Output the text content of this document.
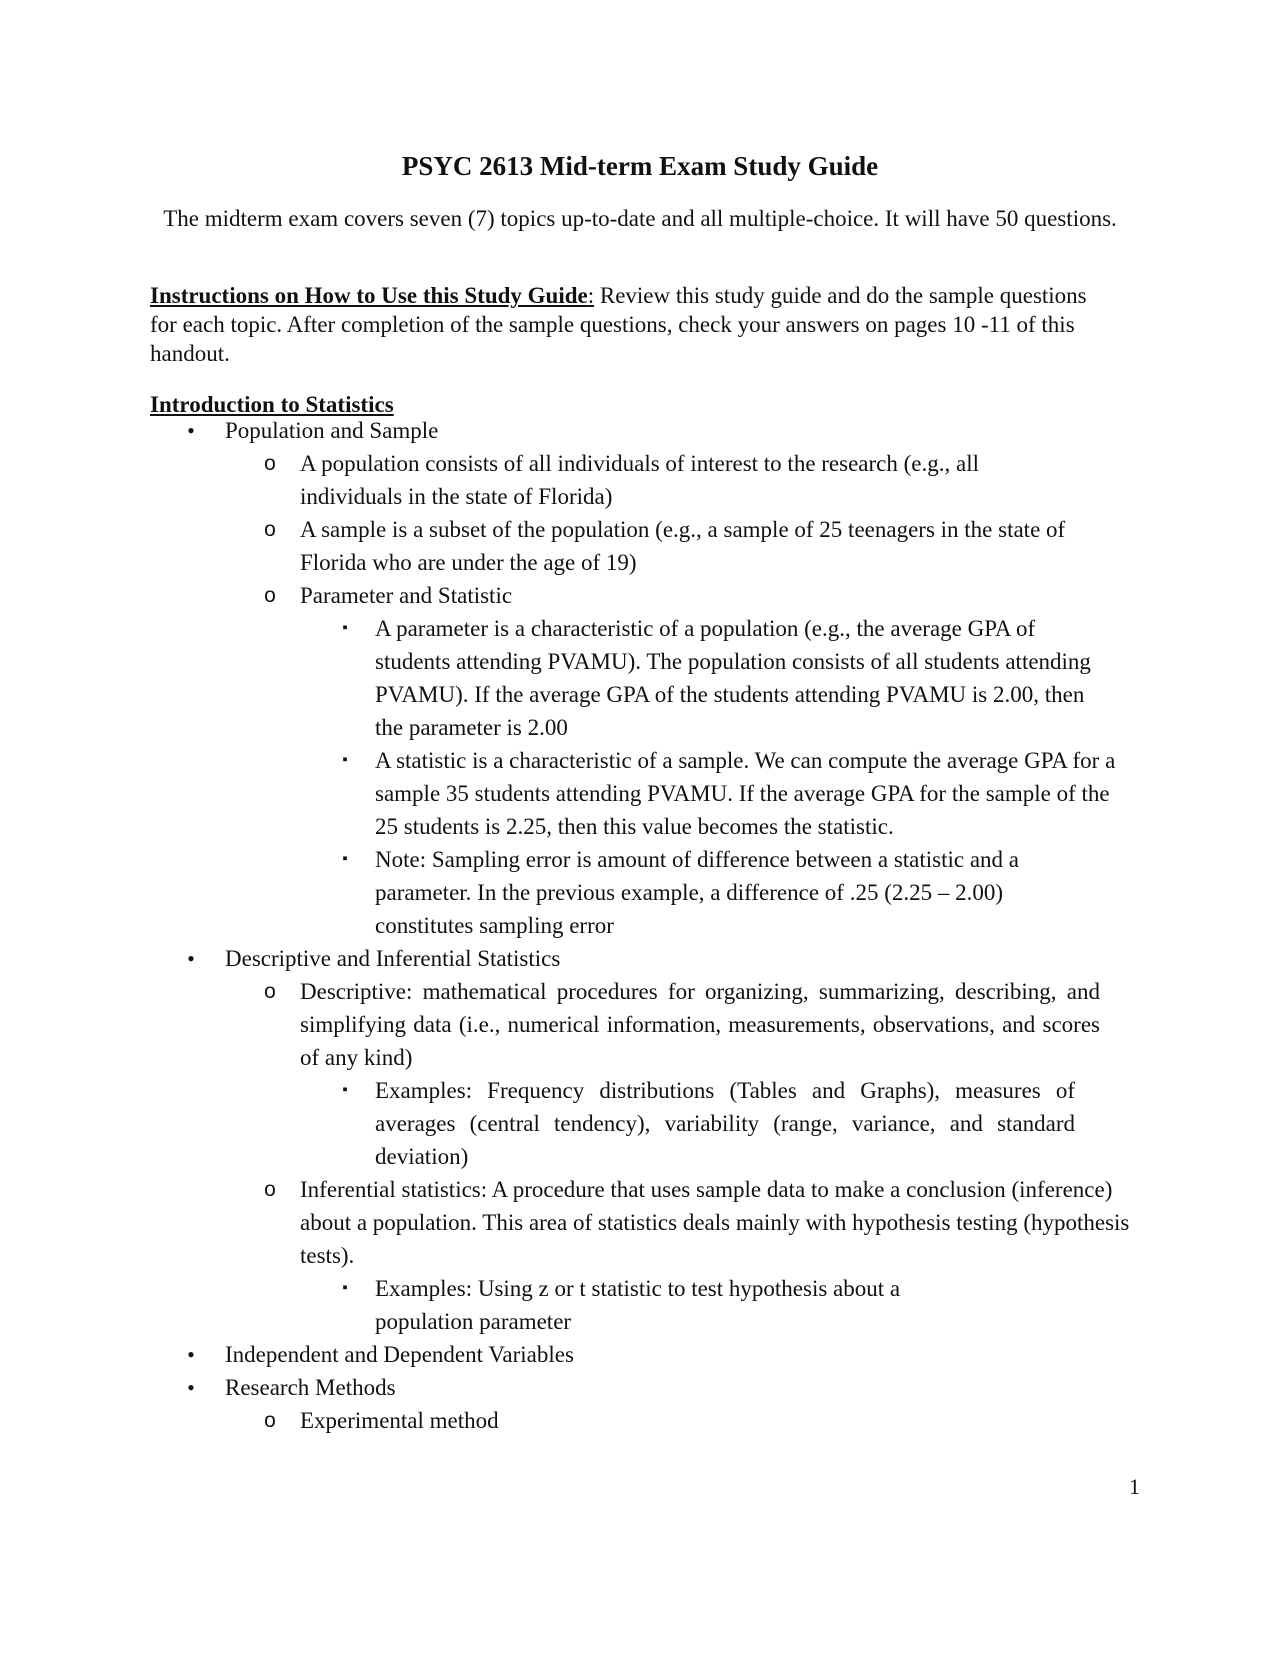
PSYC 2613 Mid-term Exam Study Guide
The midterm exam covers seven (7) topics up-to-date and all multiple-choice. It will have 50 questions.
Instructions on How to Use this Study Guide: Review this study guide and do the sample questions for each topic. After completion of the sample questions, check your answers on pages 10 -11 of this handout.
Introduction to Statistics
• Population and Sample
o A population consists of all individuals of interest to the research (e.g., all individuals in the state of Florida)
o A sample is a subset of the population (e.g., a sample of 25 teenagers in the state of Florida who are under the age of 19)
o Parameter and Statistic
▪	A parameter is a characteristic of a population (e.g., the average GPA of students attending PVAMU). The population consists of all students attending PVAMU). If the average GPA of the students attending PVAMU is 2.00, then the parameter is 2.00
▪	A statistic is a characteristic of a sample. We can compute the average GPA for a sample 35 students attending PVAMU. If the average GPA for the sample of the 25 students is 2.25, then this value becomes the statistic.
▪	Note: Sampling error is amount of difference between a statistic and a parameter. In the previous example, a difference of .25 (2.25 – 2.00) constitutes sampling error
• Descriptive and Inferential Statistics
o Descriptive: mathematical procedures for organizing, summarizing, describing, and simplifying data (i.e., numerical information, measurements, observations, and scores of any kind)
▪	Examples: Frequency distributions (Tables and Graphs), measures of averages (central tendency), variability (range, variance, and standard deviation)
o Inferential statistics: A procedure that uses sample data to make a conclusion (inference) about a population. This area of statistics deals mainly with hypothesis testing (hypothesis tests).
▪	Examples: Using z or t statistic to test hypothesis about a population parameter
• Independent and Dependent Variables
• Research Methods
o Experimental method
1
